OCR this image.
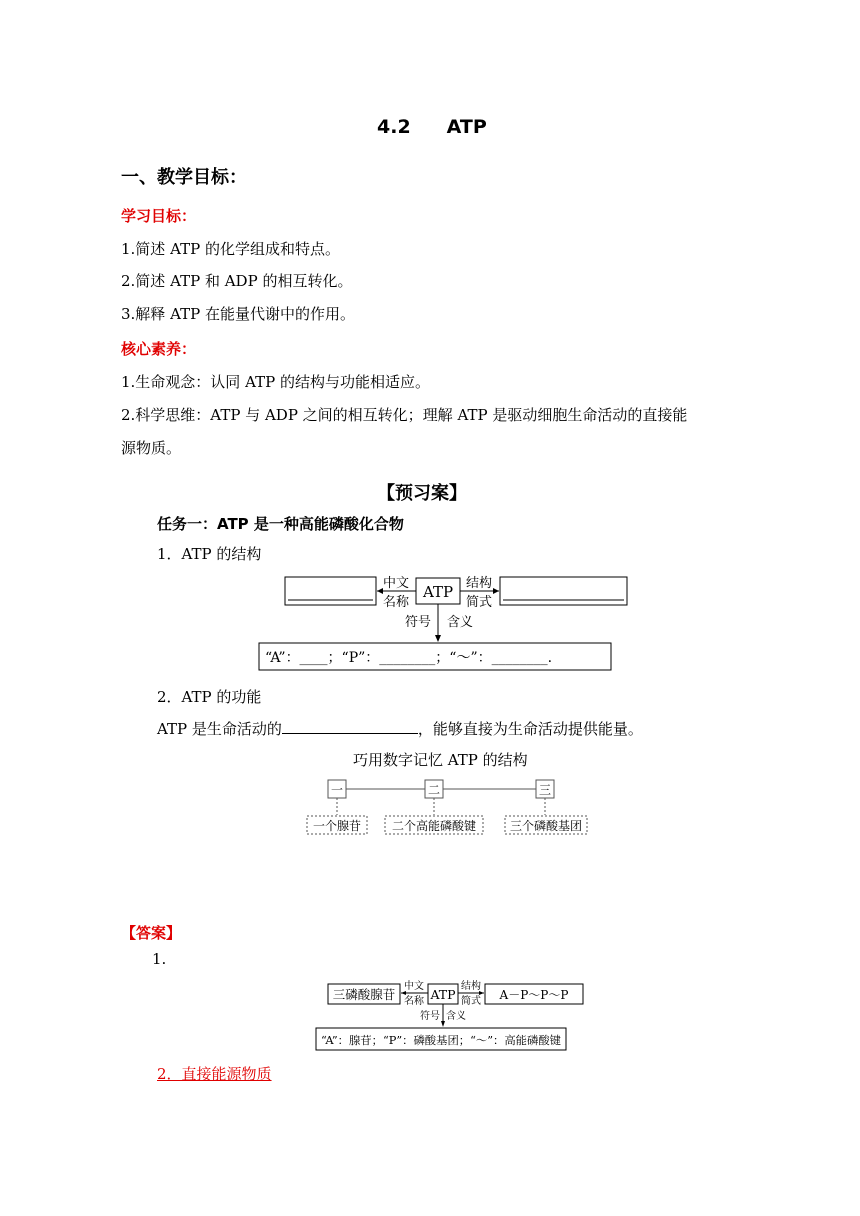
4.2 ATP
一、教学目标：
学习目标：
1.简述 ATP 的化学组成和特点。
2.简述 ATP 和 ADP 的相互转化。
3.解释 ATP 在能量代谢中的作用。
核心素养：
1.生命观念：认同 ATP 的结构与功能相适应。
2.科学思维：ATP 与 ADP 之间的相互转化；理解 ATP 是驱动细胞生命活动的直接能
源物质。
【预习案】
任务一：ATP 是一种高能磷酸化合物
1．ATP 的结构
ATP
中文
名称
结构
简式
符号 含义
“A”：____；“P”：________；“～”：________.
2．ATP 的功能
ATP 是生命活动的	，能够直接为生命活动提供能量。
巧用数字记忆 ATP 的结构
一	二	三
一个腺苷	二个高能磷酸键	三个磷酸基团
【答案】
1.
三磷酸腺苷	ATP
中文
名称
结构
简式 A－P～P～P
符号 含义
“A”：腺苷；“P”：磷酸基团；“～”：高能磷酸键
2．直接能源物质
